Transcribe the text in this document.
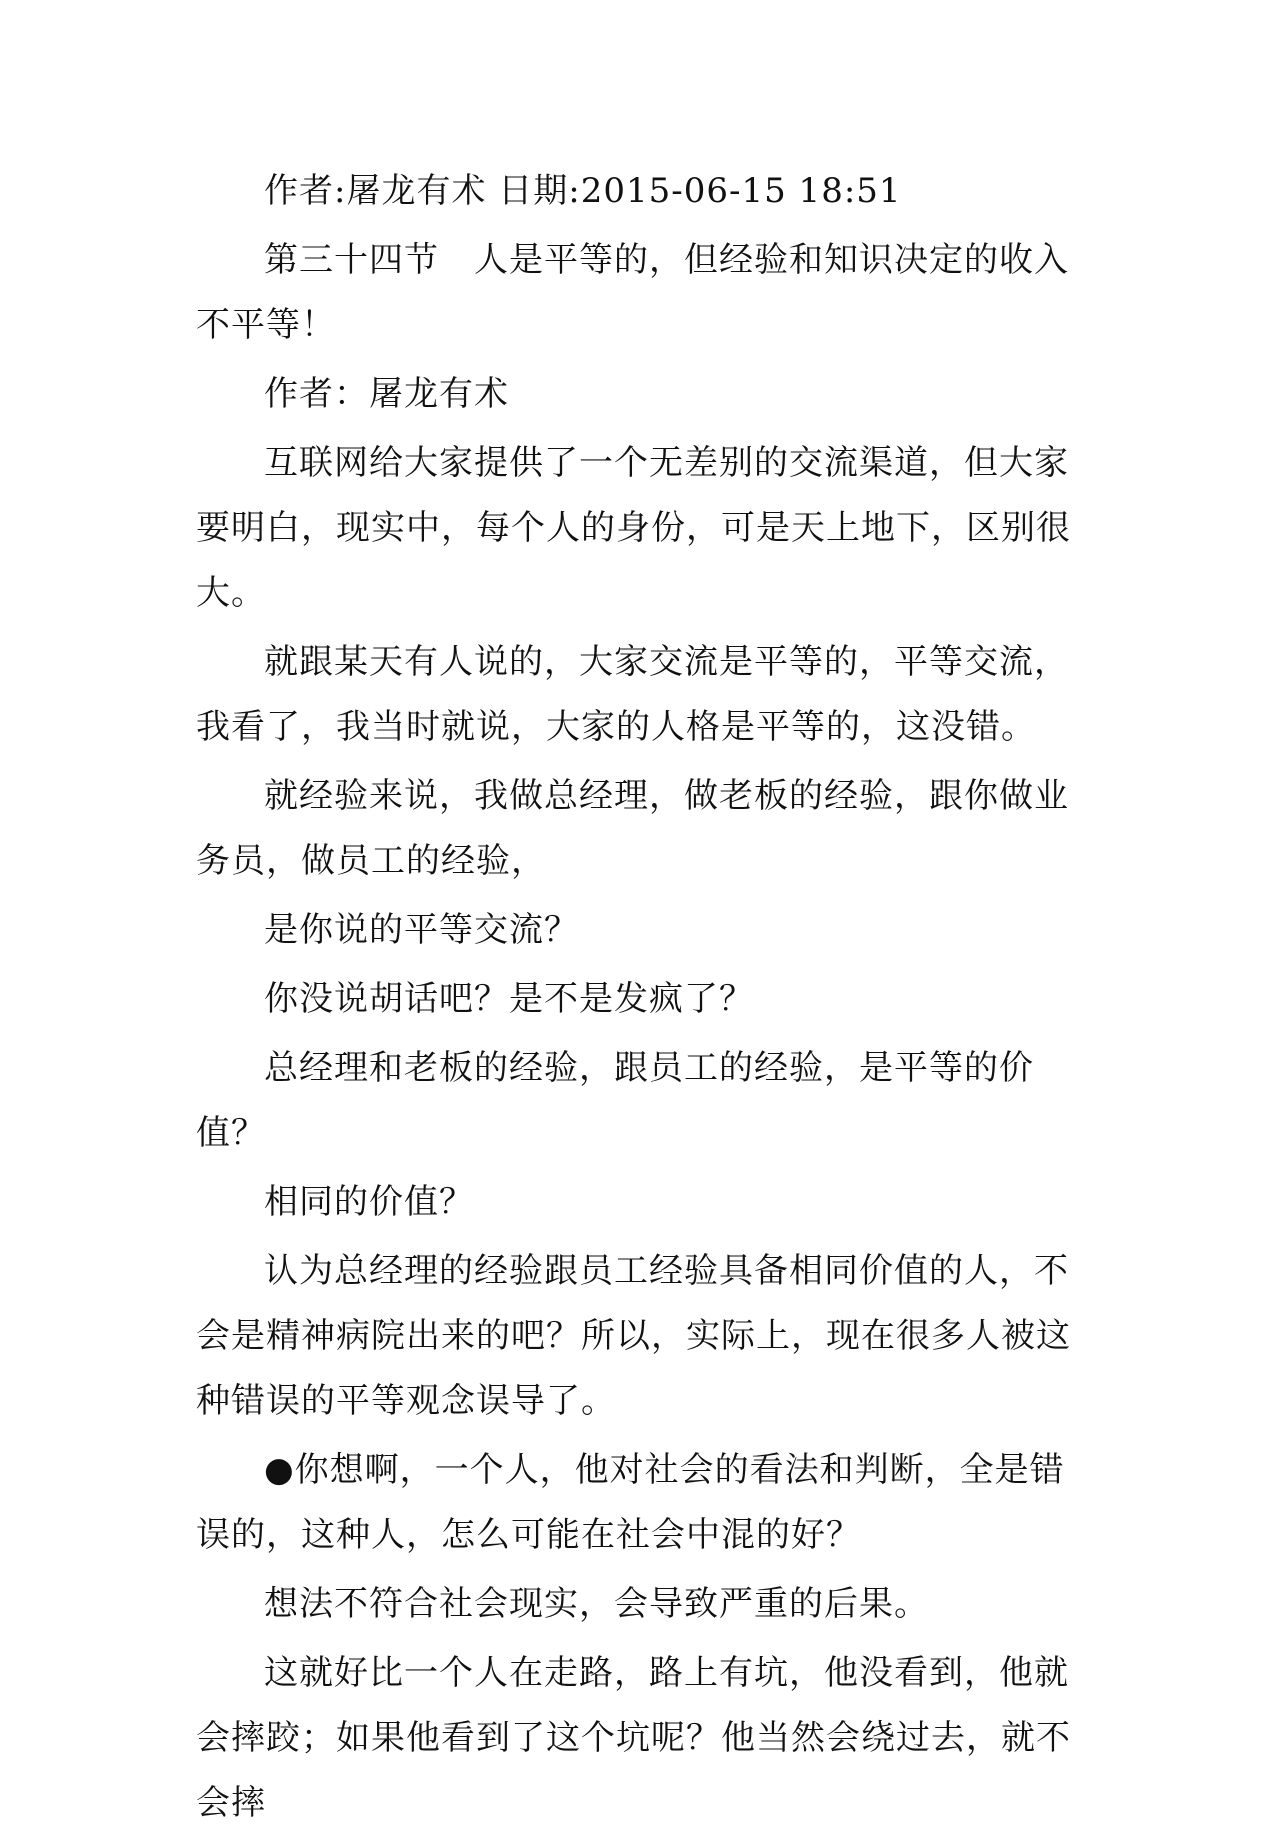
作者:屠龙有术 日期:2015-06-15 18:51

第三十四节　人是平等的，但经验和知识决定的收入不平等！

作者：屠龙有术

互联网给大家提供了一个无差别的交流渠道，但大家要明白，现实中，每个人的身份，可是天上地下，区别很大。

就跟某天有人说的，大家交流是平等的，平等交流，我看了，我当时就说，大家的人格是平等的，这没错。

就经验来说，我做总经理，做老板的经验，跟你做业务员，做员工的经验，

是你说的平等交流？

你没说胡话吧？是不是发疯了？

总经理和老板的经验，跟员工的经验，是平等的价值？

相同的价值？

认为总经理的经验跟员工经验具备相同价值的人，不会是精神病院出来的吧？所以，实际上，现在很多人被这种错误的平等观念误导了。

●你想啊，一个人，他对社会的看法和判断，全是错误的，这种人，怎么可能在社会中混的好？

想法不符合社会现实，会导致严重的后果。

这就好比一个人在走路，路上有坑，他没看到，他就会摔跤；如果他看到了这个坑呢？他当然会绕过去，就不会摔
